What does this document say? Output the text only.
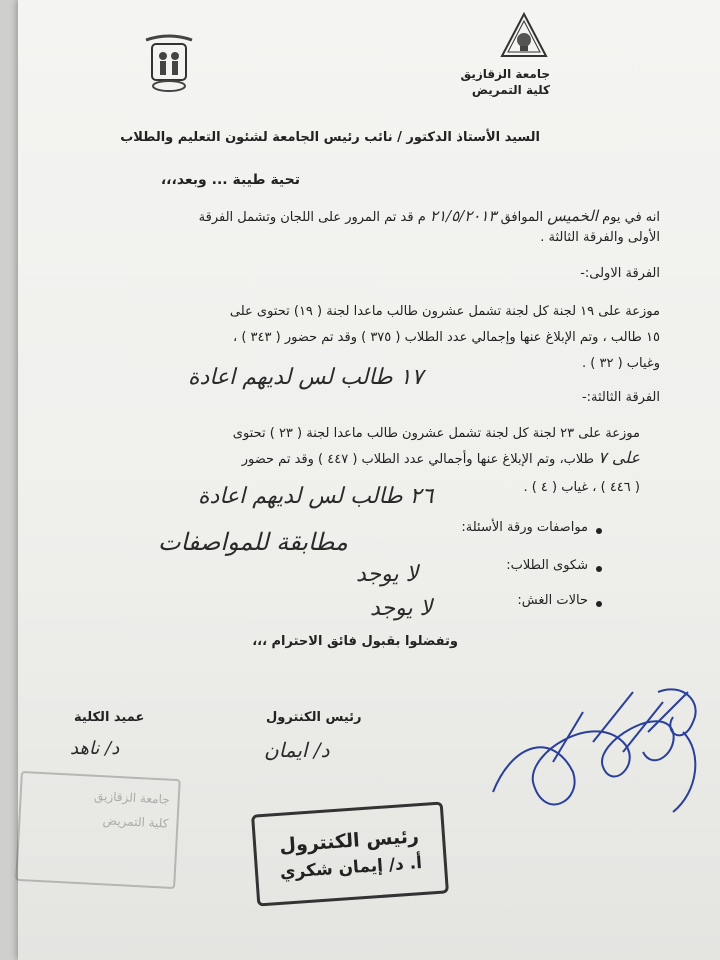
جامعة الزقازيق
كلية التمريض
السيد الأستاذ الدكتور / نائب رئيس الجامعة لشئون التعليم والطلاب
تحية طيبة ... وبعد،،،
انه في يوم الخميس الموافق ٢١/٥/٢٠١٣ م قد تم المرور على اللجان وتشمل الفرقة
الأولى والفرقة الثالثة .
الفرقة الاولى:-
موزعة على ١٩ لجنة كل لجنة تشمل عشرون طالب ماعدا لجنة ( ١٩) تحتوى على
١٥ طالب ، وتم الإبلاغ عنها وإجمالي عدد الطلاب ( ٣٧٥ ) وقد تم حضور ( ٣٤٣ ) ،
وغياب ( ٣٢ ) .
١٧ طالب لس لديهم اعادة
الفرقة الثالثة:-
موزعة على ٢٣ لجنة كل لجنة تشمل عشرون طالب ماعدا لجنة ( ٢٣ ) تحتوى
على ٧ طلاب، وتم الإبلاغ عنها وأجمالي عدد الطلاب ( ٤٤٧ ) وقد تم حضور
( ٤٤٦ ) ، غياب ( ٤ ) .
٢٦ طالب لس لديهم اعادة
مواصفات ورقة الأسئلة:
مطابقة للمواصفات
شكوى الطلاب:
لا يوجد
حالات الغش:
لا يوجد
وتفضلوا بقبول فائق الاحترام ،،،
رئيس الكنترول
د/ ايمان
عميد الكلية
د/ ناهد
جامعة الزقازيق
كلية التمريض
رئيس الكنترول
أ. د/ إيمان شكري
